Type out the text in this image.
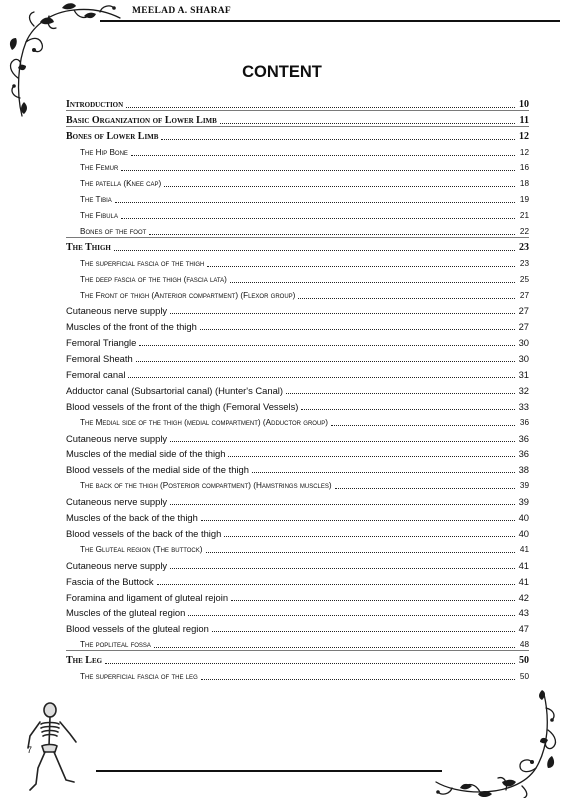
MEELAD A. SHARAF
CONTENT
Introduction	10
Basic Organization of Lower Limb	11
Bones of Lower Limb	12
The Hip Bone	12
The Femur	16
The patella (Knee cap)	18
The Tibia	19
The Fibula	21
Bones of the foot	22
The Thigh	23
The superficial fascia of the thigh	23
The deep fascia of the thigh (fascia lata)	25
The Front of thigh (Anterior compartment) (Flexor group)	27
Cutaneous nerve supply	27
Muscles of the front of the thigh	27
Femoral Triangle	30
Femoral Sheath	30
Femoral canal	31
Adductor canal (Subsartorial canal) (Hunter's Canal)	32
Blood vessels of the front of the thigh (Femoral Vessels)	33
The Medial side of the thigh (medial compartment) (Adductor group)	36
Cutaneous nerve supply	36
Muscles of the medial side of the thigh	36
Blood vessels of the medial side of the thigh	38
The back of the thigh (Posterior compartment) (Hamstrings muscles)	39
Cutaneous nerve supply	39
Muscles of the back of the thigh	40
Blood vessels of the back of the thigh	40
The Gluteal region (The buttock)	41
Cutaneous nerve supply	41
Fascia of the Buttock	41
Foramina and ligament of gluteal rejoin	42
Muscles of the gluteal region	43
Blood vessels of the gluteal region	47
The popliteal fossa	48
The Leg	50
The superficial fascia of the leg	50
7
